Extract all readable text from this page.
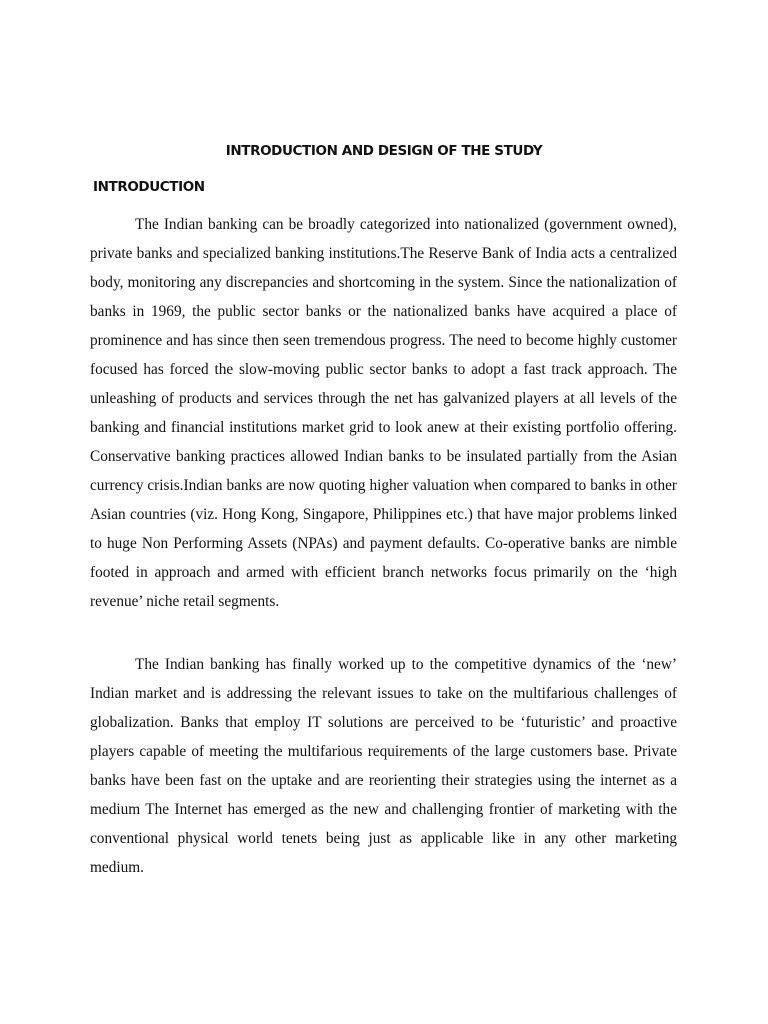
INTRODUCTION AND DESIGN OF THE STUDY
INTRODUCTION

The Indian banking can be broadly categorized into nationalized (government owned), private banks and specialized banking institutions.The Reserve Bank of India acts a centralized body, monitoring any discrepancies and shortcoming in the system. Since the nationalization of banks in 1969, the public sector banks or the nationalized banks have acquired a place of prominence and has since then seen tremendous progress. The need to become highly customer focused has forced the slow-moving public sector banks to adopt a fast track approach. The unleashing of products and services through the net has galvanized players at all levels of the banking and financial institutions market grid to look anew at their existing portfolio offering. Conservative banking practices allowed Indian banks to be insulated partially from the Asian currency crisis.Indian banks are now quoting higher valuation when compared to banks in other Asian countries (viz. Hong Kong, Singapore, Philippines etc.) that have major problems linked to huge Non Performing Assets (NPAs) and payment defaults. Co-operative banks are nimble footed in approach and armed with efficient branch networks focus primarily on the ‘high revenue’ niche retail segments.

The Indian banking has finally worked up to the competitive dynamics of the ‘new’ Indian market and is addressing the relevant issues to take on the multifarious challenges of globalization. Banks that employ IT solutions are perceived to be ‘futuristic’ and proactive players capable of meeting the multifarious requirements of the large customers base. Private banks have been fast on the uptake and are reorienting their strategies using the internet as a medium The Internet has emerged as the new and challenging frontier of marketing with the conventional physical world tenets being just as applicable like in any other marketing medium.
